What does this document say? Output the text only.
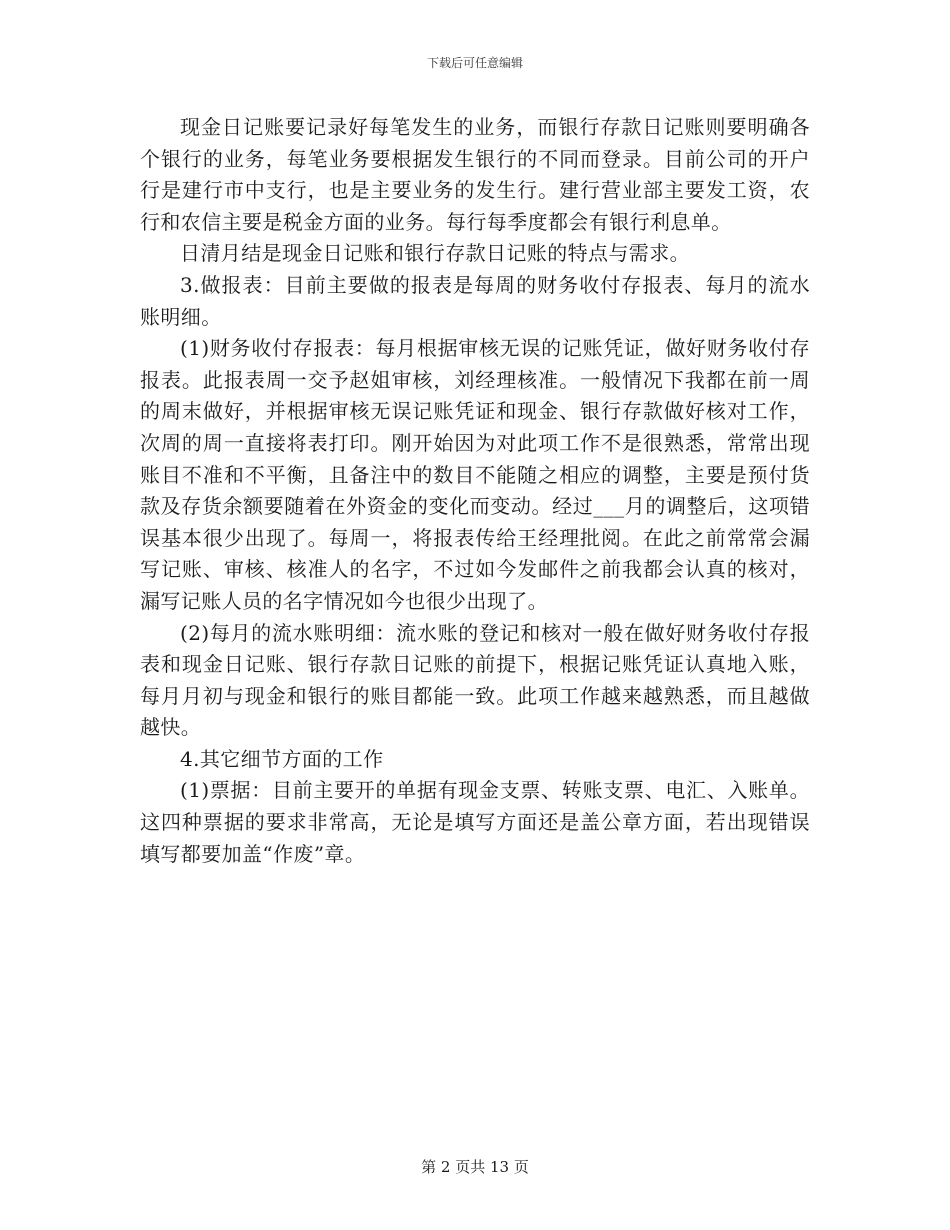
下载后可任意编辑

现金日记账要记录好每笔发生的业务，而银行存款日记账则要明确各个银行的业务，每笔业务要根据发生银行的不同而登录。目前公司的开户行是建行市中支行，也是主要业务的发生行。建行营业部主要发工资，农行和农信主要是税金方面的业务。每行每季度都会有银行利息单。

日清月结是现金日记账和银行存款日记账的特点与需求。

3.做报表：目前主要做的报表是每周的财务收付存报表、每月的流水账明细。

(1)财务收付存报表：每月根据审核无误的记账凭证，做好财务收付存报表。此报表周一交予赵姐审核，刘经理核准。一般情况下我都在前一周的周末做好，并根据审核无误记账凭证和现金、银行存款做好核对工作，次周的周一直接将表打印。刚开始因为对此项工作不是很熟悉，常常出现账目不准和不平衡，且备注中的数目不能随之相应的调整，主要是预付货款及存货余额要随着在外资金的变化而变动。经过___月的调整后，这项错误基本很少出现了。每周一，将报表传给王经理批阅。在此之前常常会漏写记账、审核、核准人的名字，不过如今发邮件之前我都会认真的核对，漏写记账人员的名字情况如今也很少出现了。

(2)每月的流水账明细：流水账的登记和核对一般在做好财务收付存报表和现金日记账、银行存款日记账的前提下，根据记账凭证认真地入账，每月月初与现金和银行的账目都能一致。此项工作越来越熟悉，而且越做越快。

4.其它细节方面的工作

(1)票据：目前主要开的单据有现金支票、转账支票、电汇、入账单。这四种票据的要求非常高，无论是填写方面还是盖公章方面，若出现错误填写都要加盖“作废”章。

第 2 页共 13 页
